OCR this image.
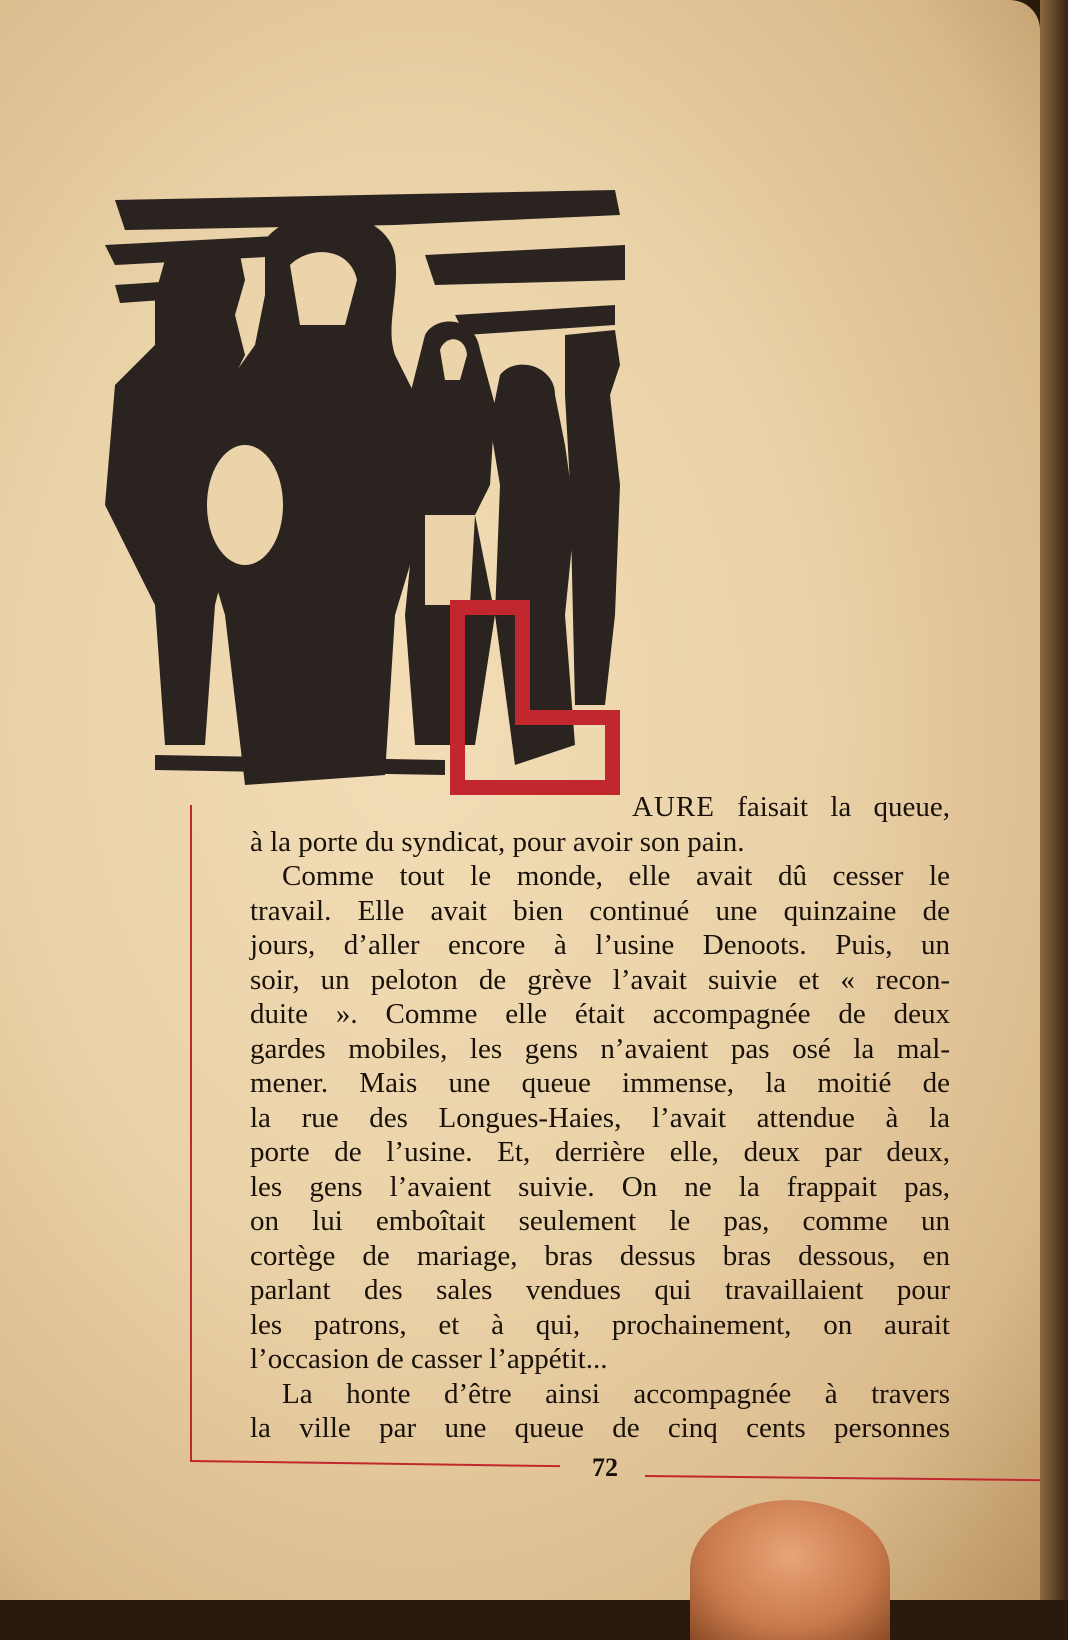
AURE faisait la queue,
à la porte du syndicat, pour avoir son pain.
Comme tout le monde, elle avait dû cesser le
travail. Elle avait bien continué une quinzaine de
jours, d’aller encore à l’usine Denoots. Puis, un
soir, un peloton de grève l’avait suivie et « recon-
duite ». Comme elle était accompagnée de deux
gardes mobiles, les gens n’avaient pas osé la mal-
mener. Mais une queue immense, la moitié de
la rue des Longues-Haies, l’avait attendue à la
porte de l’usine. Et, derrière elle, deux par deux,
les gens l’avaient suivie. On ne la frappait pas,
on lui emboîtait seulement le pas, comme un
cortège de mariage, bras dessus bras dessous, en
parlant des sales vendues qui travaillaient pour
les patrons, et à qui, prochainement, on aurait
l’occasion de casser l’appétit...
La honte d’être ainsi accompagnée à travers
la ville par une queue de cinq cents personnes
72
